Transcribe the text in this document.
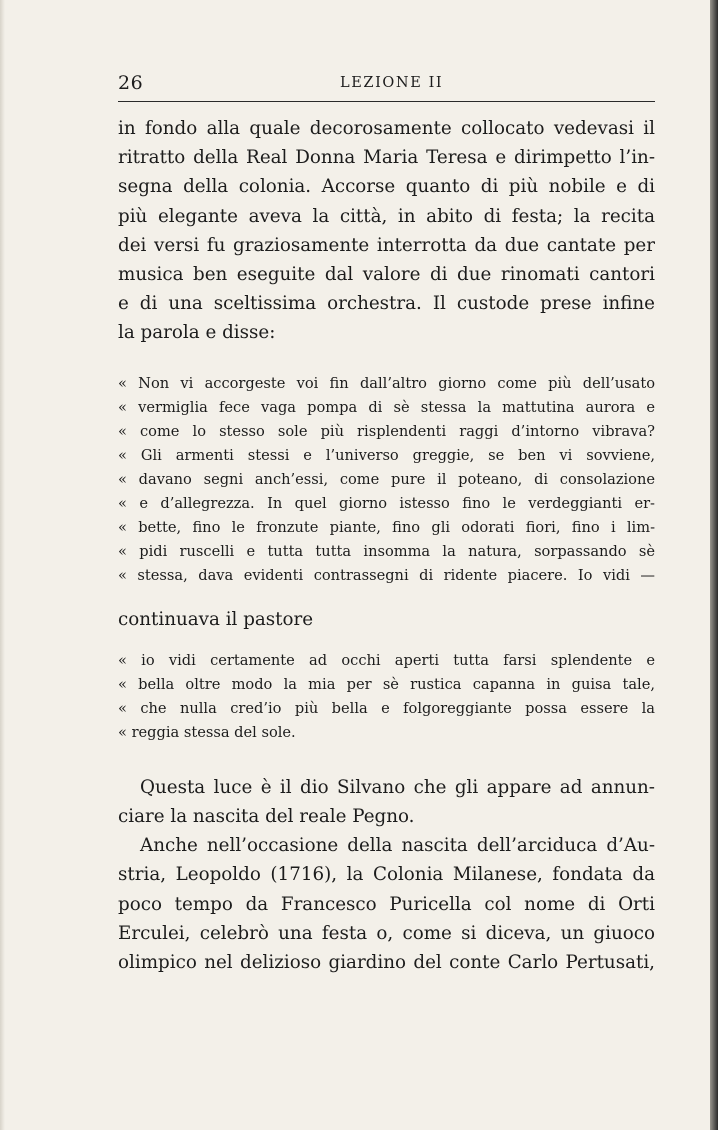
26	LEZIONE II
in fondo alla quale decorosamente collocato vedevasi il
ritratto della Real Donna Maria Teresa e dirimpetto l’in-
segna della colonia. Accorse quanto di più nobile e di
più elegante aveva la città, in abito di festa; la recita
dei versi fu graziosamente interrotta da due cantate per
musica ben eseguite dal valore di due rinomati cantori
e di una sceltissima orchestra. Il custode prese infine
la parola e disse:
« Non vi accorgeste voi fin dall’altro giorno come più dell’usato
« vermiglia fece vaga pompa di sè stessa la mattutina aurora e
« come lo stesso sole più risplendenti raggi d’intorno vibrava?
« Gli armenti stessi e l’universo greggie, se ben vi sovviene,
« davano segni anch’essi, come pure il poteano, di consolazione
« e d’allegrezza. In quel giorno istesso fino le verdeggianti er-
« bette, fino le fronzute piante, fino gli odorati fiori, fino i lim-
« pidi ruscelli e tutta tutta insomma la natura, sorpassando sè
« stessa, dava evidenti contrassegni di ridente piacere. Io vidi —
continuava il pastore
« io vidi certamente ad occhi aperti tutta farsi splendente e
« bella oltre modo la mia per sè rustica capanna in guisa tale,
« che nulla cred’io più bella e folgoreggiante possa essere la
« reggia stessa del sole.
Questa luce è il dio Silvano che gli appare ad annun-
ciare la nascita del reale Pegno.
Anche nell’occasione della nascita dell’arciduca d’Au-
stria, Leopoldo (1716), la Colonia Milanese, fondata da
poco tempo da Francesco Puricella col nome di Orti
Erculei, celebrò una festa o, come si diceva, un giuoco
olimpico nel delizioso giardino del conte Carlo Pertusati,
